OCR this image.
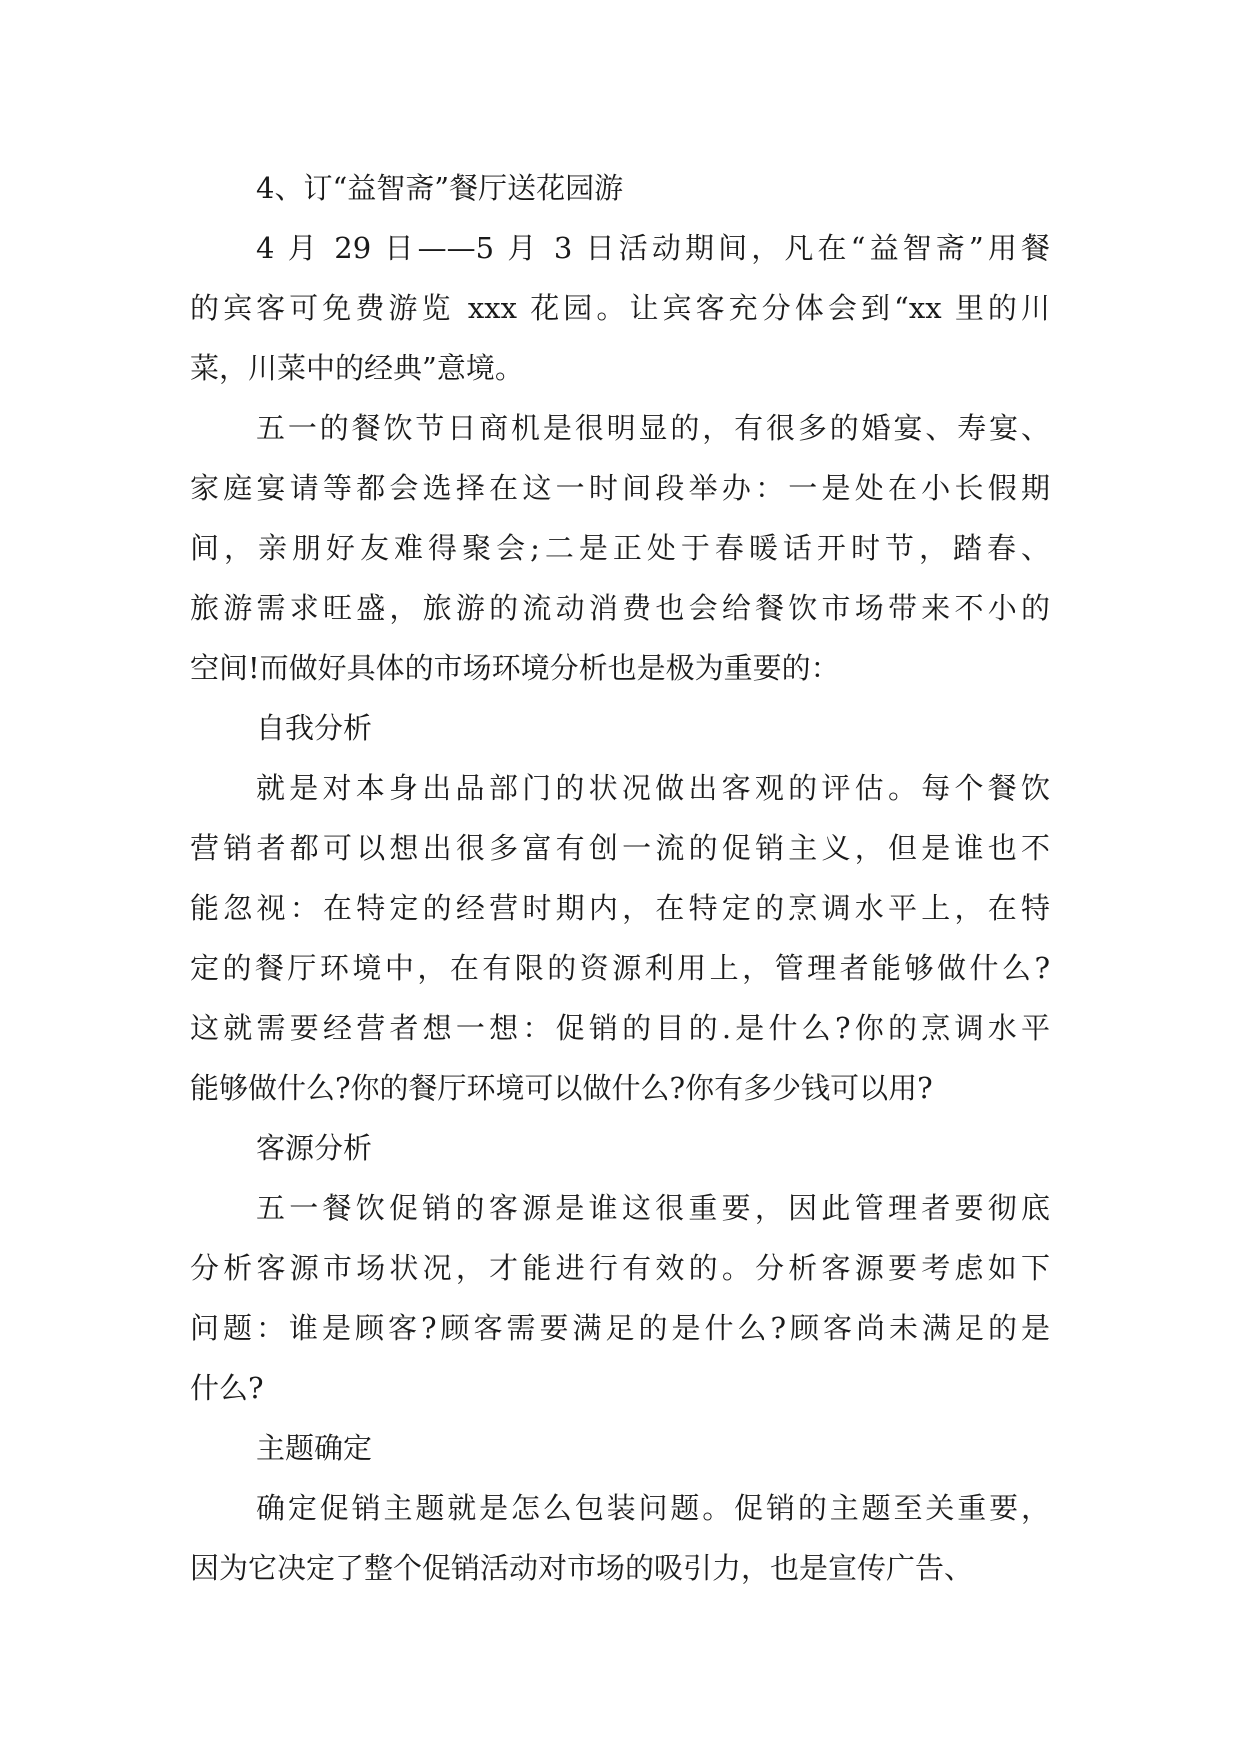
4、订“益智斋”餐厅送花园游
4 月 29 日——5 月 3 日活动期间，凡在“益智斋”用餐
的宾客可免费游览 xxx 花园。让宾客充分体会到“xx 里的川
菜，川菜中的经典”意境。
五一的餐饮节日商机是很明显的，有很多的婚宴、寿宴、
家庭宴请等都会选择在这一时间段举办：一是处在小长假期
间，亲朋好友难得聚会;二是正处于春暖话开时节，踏春、
旅游需求旺盛，旅游的流动消费也会给餐饮市场带来不小的
空间!而做好具体的市场环境分析也是极为重要的：
自我分析
就是对本身出品部门的状况做出客观的评估。每个餐饮
营销者都可以想出很多富有创一流的促销主义，但是谁也不
能忽视：在特定的经营时期内，在特定的烹调水平上，在特
定的餐厅环境中，在有限的资源利用上，管理者能够做什么?
这就需要经营者想一想：促销的目的.是什么?你的烹调水平
能够做什么?你的餐厅环境可以做什么?你有多少钱可以用?
客源分析
五一餐饮促销的客源是谁这很重要，因此管理者要彻底
分析客源市场状况，才能进行有效的。分析客源要考虑如下
问题：谁是顾客?顾客需要满足的是什么?顾客尚未满足的是
什么?
主题确定
确定促销主题就是怎么包装问题。促销的主题至关重要，
因为它决定了整个促销活动对市场的吸引力，也是宣传广告、
